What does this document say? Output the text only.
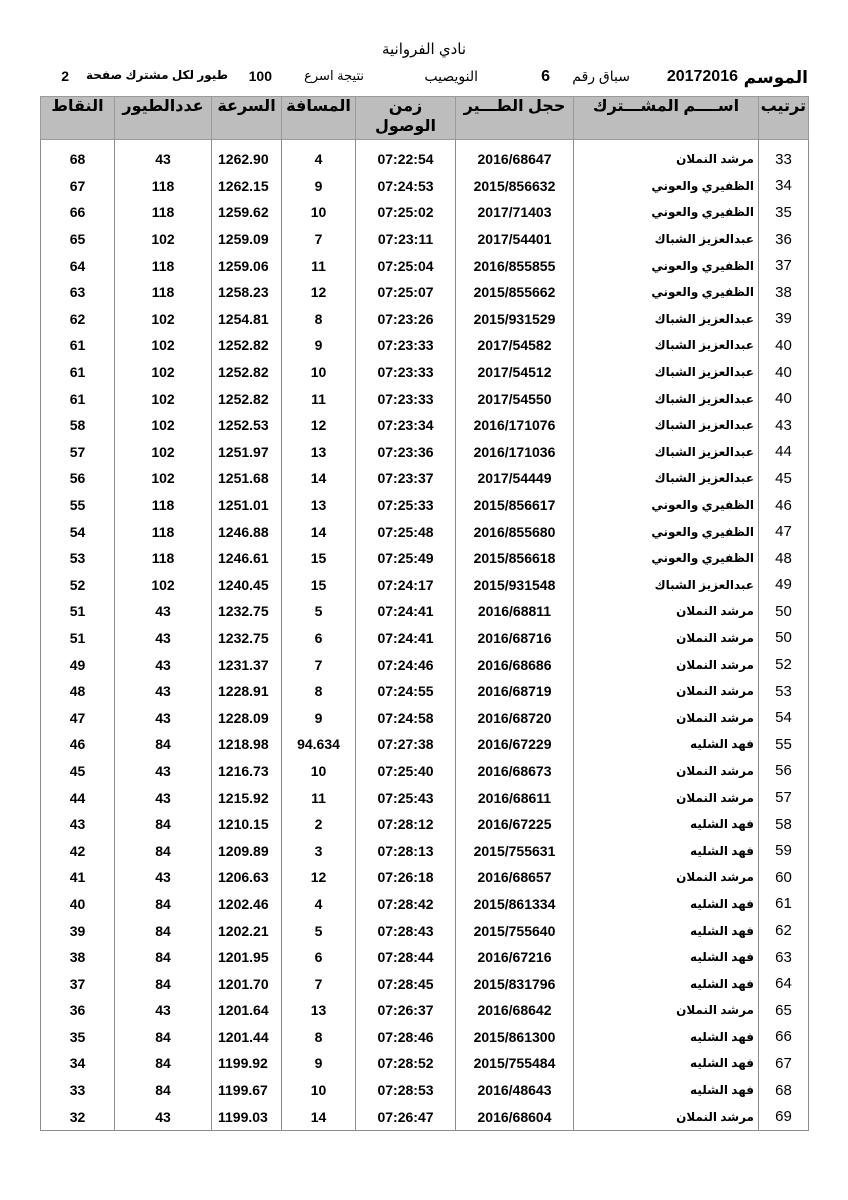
نادي الفروانية
الموسم
20172016
سباق رقم
6
النويصيب
نتيجة اسرع
100
طيور لكل مشترك صفحة
2
ترتيب	اســــم المشـــترك	حجل الطـــير	زمن الوصول	المسافة	السرعة	عددالطيور	النقاط

33	مرشد النملان	2016/68647	07:22:54	4	1262.90	43	68
34	الظفيري والعوني	2015/856632	07:24:53	9	1262.15	118	67
35	الظفيري والعوني	2017/71403	07:25:02	10	1259.62	118	66
36	عبدالعزيز الشباك	2017/54401	07:23:11	7	1259.09	102	65
37	الظفيري والعوني	2016/855855	07:25:04	11	1259.06	118	64
38	الظفيري والعوني	2015/855662	07:25:07	12	1258.23	118	63
39	عبدالعزيز الشباك	2015/931529	07:23:26	8	1254.81	102	62
40	عبدالعزيز الشباك	2017/54582	07:23:33	9	1252.82	102	61
40	عبدالعزيز الشباك	2017/54512	07:23:33	10	1252.82	102	61
40	عبدالعزيز الشباك	2017/54550	07:23:33	11	1252.82	102	61
43	عبدالعزيز الشباك	2016/171076	07:23:34	12	1252.53	102	58
44	عبدالعزيز الشباك	2016/171036	07:23:36	13	1251.97	102	57
45	عبدالعزيز الشباك	2017/54449	07:23:37	14	1251.68	102	56
46	الظفيري والعوني	2015/856617	07:25:33	13	1251.01	118	55
47	الظفيري والعوني	2016/855680	07:25:48	14	1246.88	118	54
48	الظفيري والعوني	2015/856618	07:25:49	15	1246.61	118	53
49	عبدالعزيز الشباك	2015/931548	07:24:17	15	1240.45	102	52
50	مرشد النملان	2016/68811	07:24:41	5	1232.75	43	51
50	مرشد النملان	2016/68716	07:24:41	6	1232.75	43	51
52	مرشد النملان	2016/68686	07:24:46	7	1231.37	43	49
53	مرشد النملان	2016/68719	07:24:55	8	1228.91	43	48
54	مرشد النملان	2016/68720	07:24:58	9	1228.09	43	47
55	فهد الشليه	2016/67229	07:27:38	94.634	1218.98	84	46
56	مرشد النملان	2016/68673	07:25:40	10	1216.73	43	45
57	مرشد النملان	2016/68611	07:25:43	11	1215.92	43	44
58	فهد الشليه	2016/67225	07:28:12	2	1210.15	84	43
59	فهد الشليه	2015/755631	07:28:13	3	1209.89	84	42
60	مرشد النملان	2016/68657	07:26:18	12	1206.63	43	41
61	فهد الشليه	2015/861334	07:28:42	4	1202.46	84	40
62	فهد الشليه	2015/755640	07:28:43	5	1202.21	84	39
63	فهد الشليه	2016/67216	07:28:44	6	1201.95	84	38
64	فهد الشليه	2015/831796	07:28:45	7	1201.70	84	37
65	مرشد النملان	2016/68642	07:26:37	13	1201.64	43	36
66	فهد الشليه	2015/861300	07:28:46	8	1201.44	84	35
67	فهد الشليه	2015/755484	07:28:52	9	1199.92	84	34
68	فهد الشليه	2016/48643	07:28:53	10	1199.67	84	33
69	مرشد النملان	2016/68604	07:26:47	14	1199.03	43	32
